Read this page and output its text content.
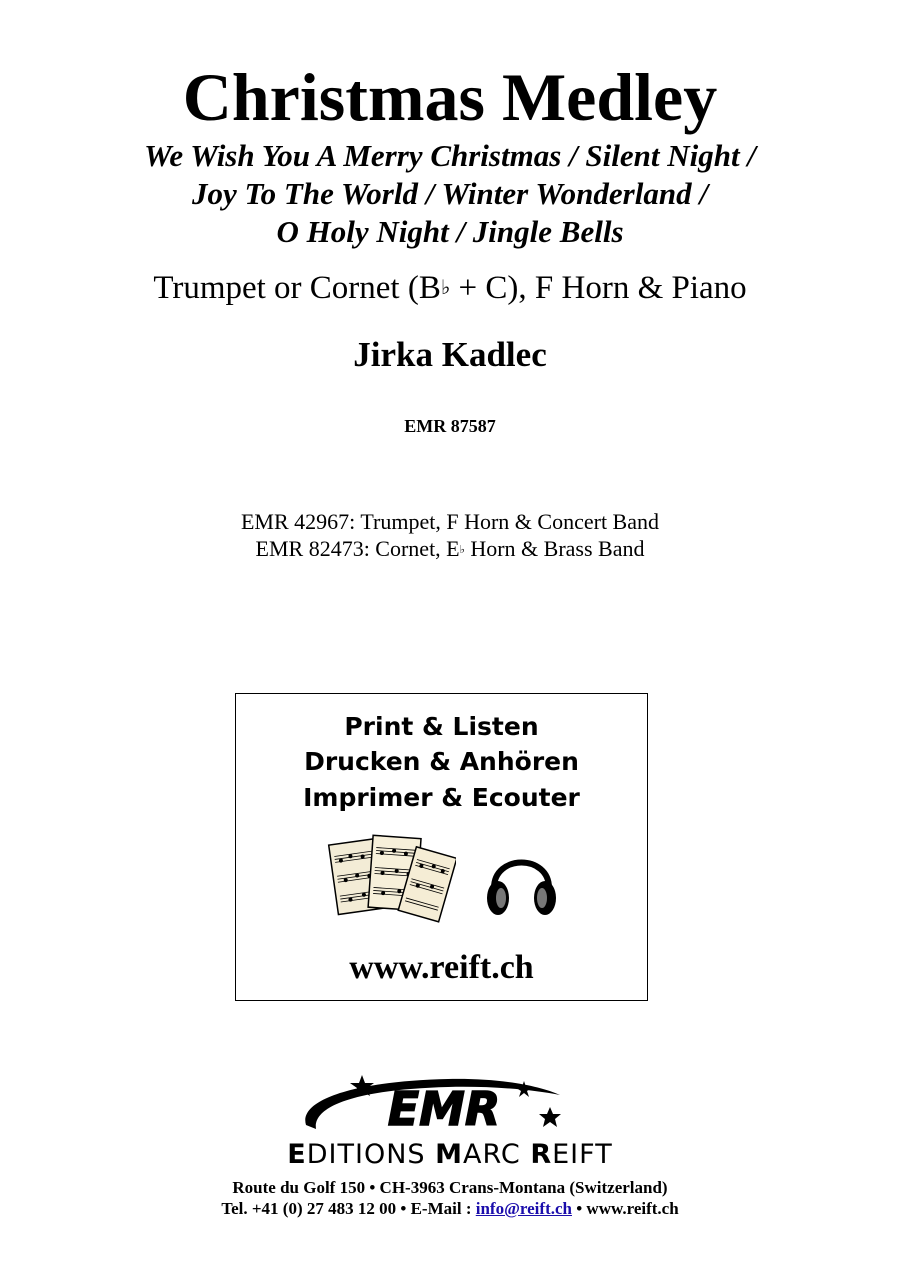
Christmas Medley
We Wish You A Merry Christmas / Silent Night /
Joy To The World / Winter Wonderland /
O Holy Night / Jingle Bells
Trumpet or Cornet (B♭ + C), F Horn & Piano
Jirka Kadlec
EMR 87587
EMR 42967: Trumpet, F Horn & Concert Band
EMR 82473: Cornet, E♭ Horn & Brass Band
Print & Listen
Drucken & Anhören
Imprimer & Ecouter
www.reift.ch
EMR
EDITIONS MARC REIFT
Route du Golf 150 • CH-3963 Crans-Montana (Switzerland)
Tel. +41 (0) 27 483 12 00 • E-Mail : info@reift.ch • www.reift.ch
